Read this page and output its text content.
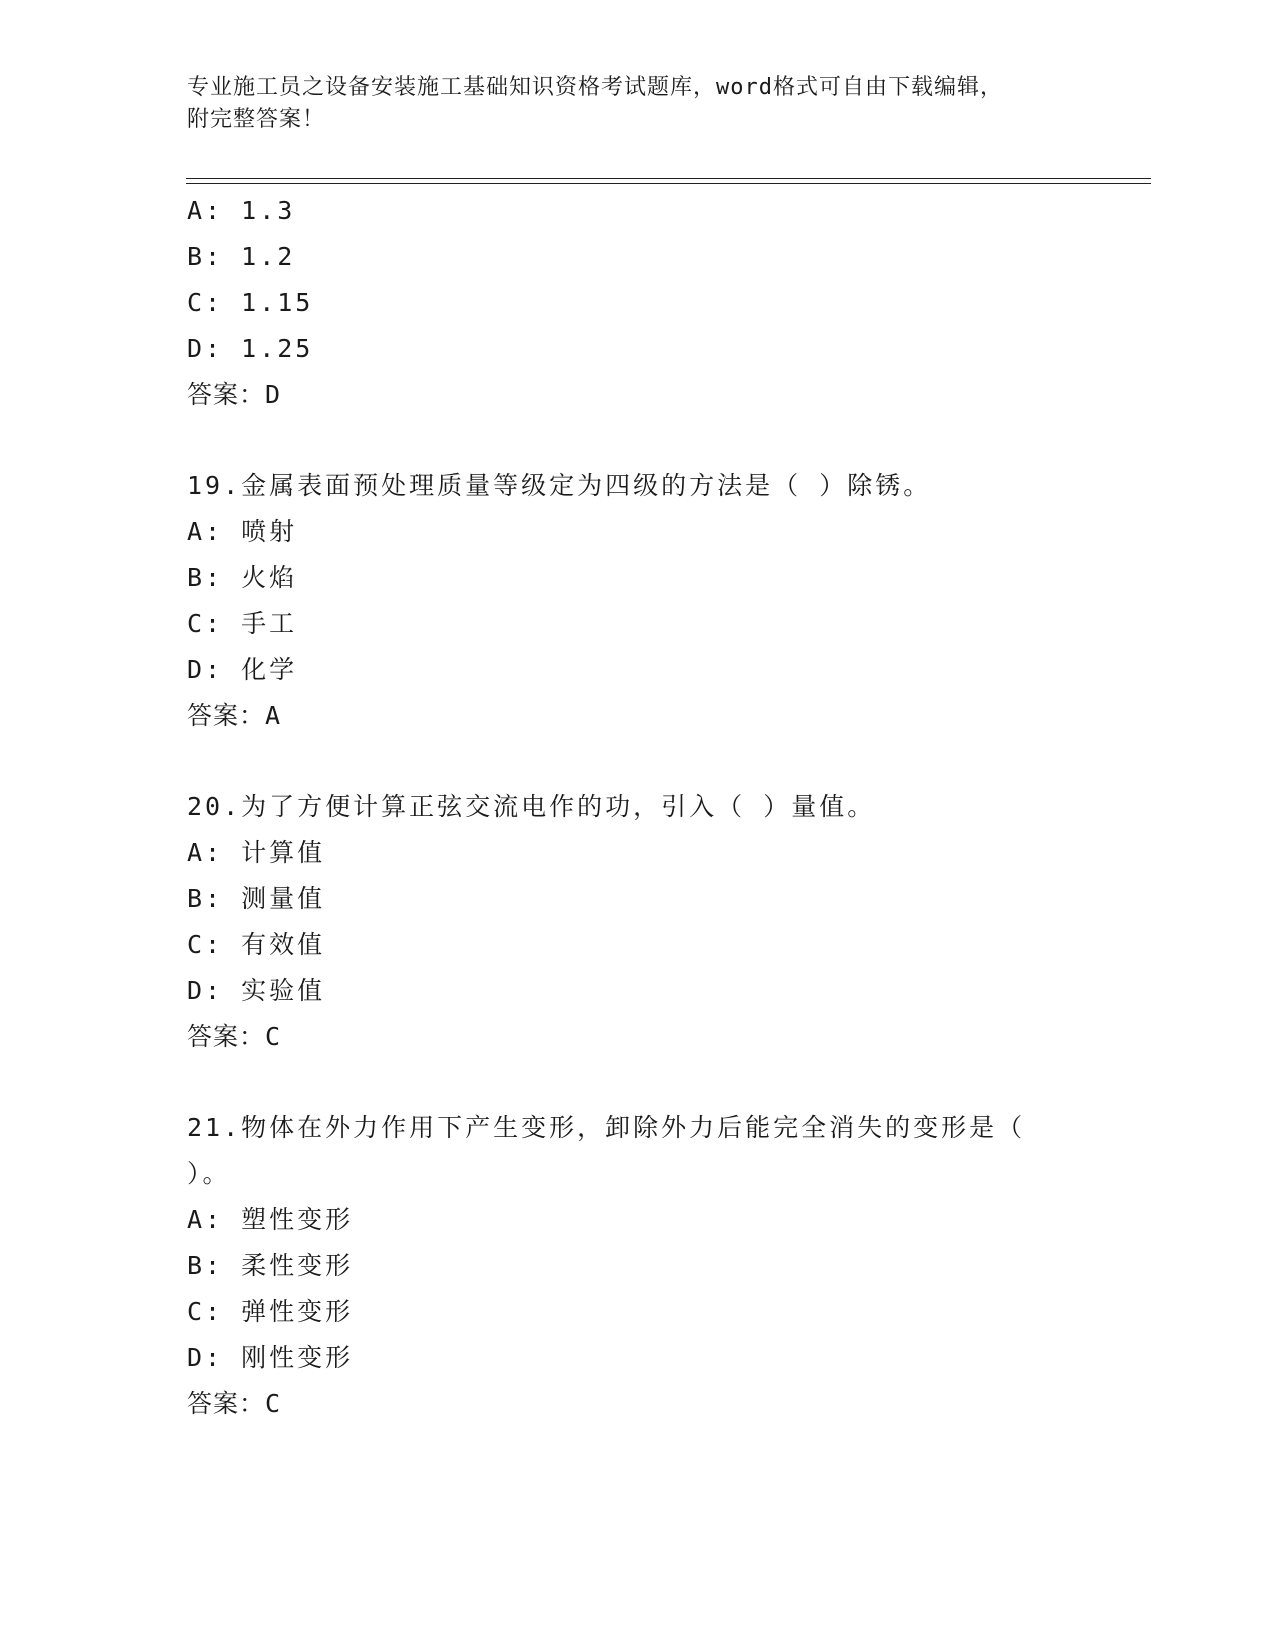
专业施工员之设备安装施工基础知识资格考试题库，word格式可自由下载编辑，
附完整答案！
A: 1.3
B: 1.2
C: 1.15
D: 1.25
答案：D
19.金属表面预处理质量等级定为四级的方法是（ ）除锈。
A: 喷射
B: 火焰
C: 手工
D: 化学
答案：A
20.为了方便计算正弦交流电作的功，引入（ ）量值。
A: 计算值
B: 测量值
C: 有效值
D: 实验值
答案：C
21.物体在外力作用下产生变形，卸除外力后能完全消失的变形是（
）。
A: 塑性变形
B: 柔性变形
C: 弹性变形
D: 刚性变形
答案：C
